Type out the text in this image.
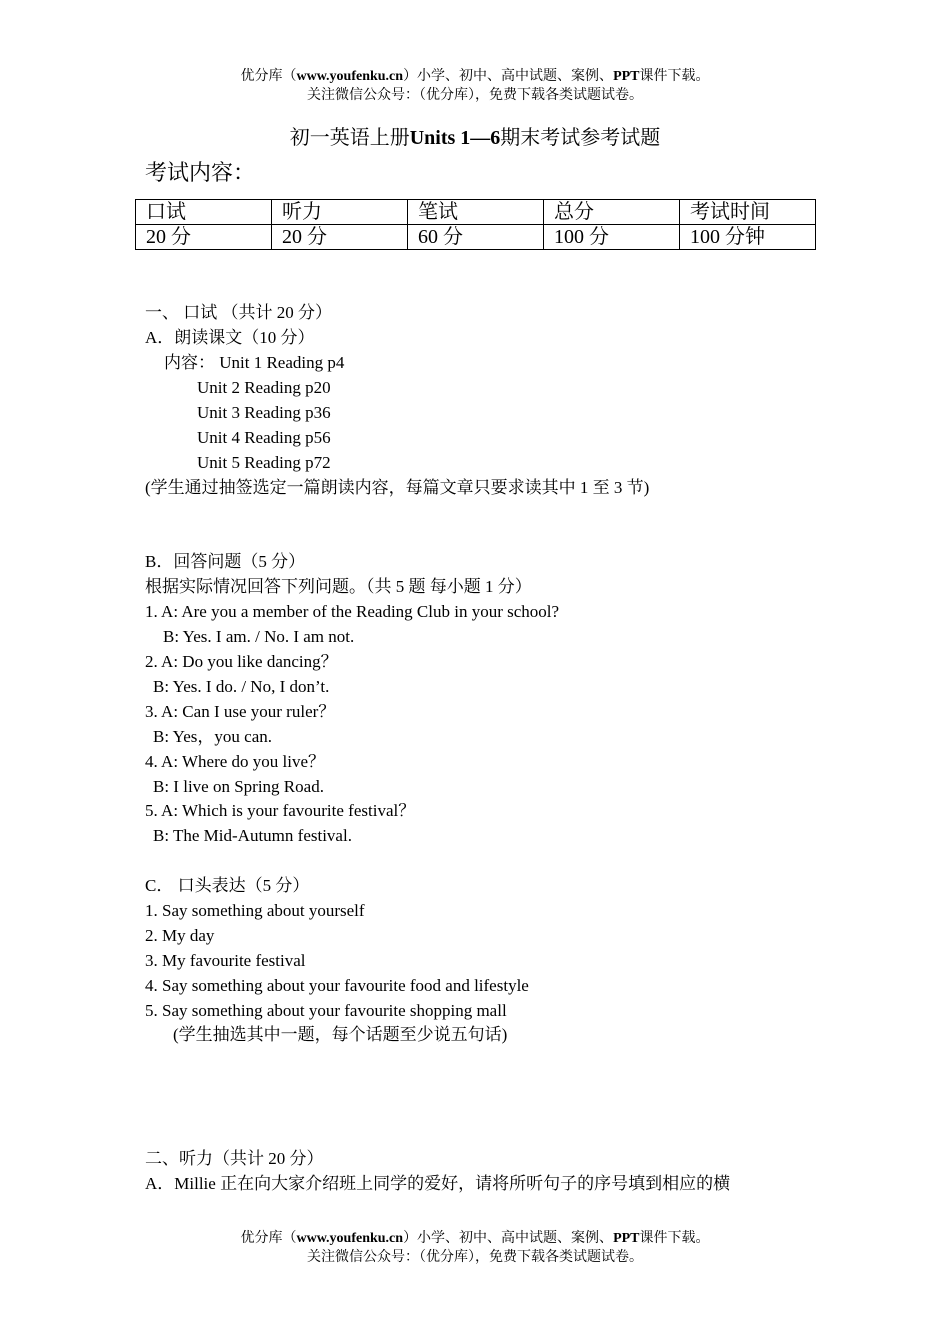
优分库（www.youfenku.cn）小学、初中、高中试题、案例、PPT课件下载。
关注微信公众号：（优分库），免费下载各类试题试卷。
初一英语上册Units 1—6期末考试参考试题
考试内容：
口试	听力	笔试	总分	考试时间
20 分	20 分	60 分	100 分	100 分钟
一、 口试 （共计 20 分）
A．朗读课文（10 分）
内容： Unit 1 Reading p4
Unit 2 Reading p20
Unit 3 Reading p36
Unit 4 Reading p56
Unit 5 Reading p72
(学生通过抽签选定一篇朗读内容，每篇文章只要求读其中 1 至 3 节)
B．回答问题（5 分）
根据实际情况回答下列问题。（共 5 题 每小题 1 分）
1. A: Are you a member of the Reading Club in your school?
B: Yes. I am. / No. I am not.
2. A: Do you like dancing？
B: Yes. I do. / No, I don’t.
3. A: Can I use your ruler？
B: Yes，you can.
4. A: Where do you live？
B: I live on Spring Road.
5. A: Which is your favourite festival？
B: The Mid-Autumn festival.
C． 口头表达（5 分）
1. Say something about yourself
2. My day
3. My favourite festival
4. Say something about your favourite food and lifestyle
5. Say something about your favourite shopping mall
(学生抽选其中一题，每个话题至少说五句话)
二、听力（共计 20 分）
A．Millie 正在向大家介绍班上同学的爱好，请将所听句子的序号填到相应的横
优分库（www.youfenku.cn）小学、初中、高中试题、案例、PPT课件下载。
关注微信公众号：（优分库），免费下载各类试题试卷。
